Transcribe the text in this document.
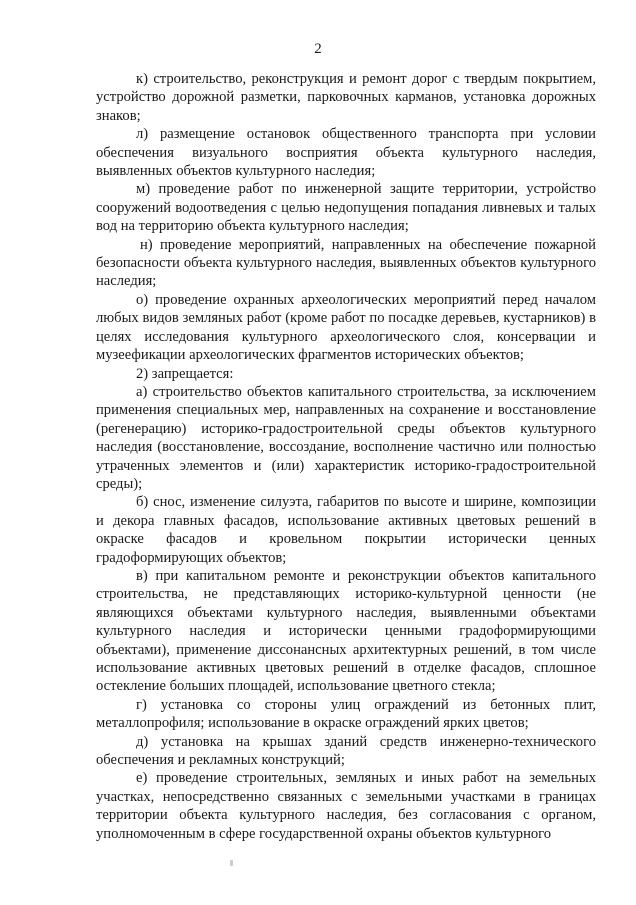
2

к) строительство, реконструкция и ремонт дорог с твердым покрытием, устройство дорожной разметки, парковочных карманов, установка дорожных знаков;

л) размещение остановок общественного транспорта при условии обеспечения визуального восприятия объекта культурного наследия, выявленных объектов культурного наследия;

м) проведение работ по инженерной защите территории, устройство сооружений водоотведения с целью недопущения попадания ливневых и талых вод на территорию объекта культурного наследия;

н) проведение мероприятий, направленных на обеспечение пожарной безопасности объекта культурного наследия, выявленных объектов культурного наследия;

о) проведение охранных археологических мероприятий перед началом любых видов земляных работ (кроме работ по посадке деревьев, кустарников) в целях исследования культурного археологического слоя, консервации и музеефикации археологических фрагментов исторических объектов;

2) запрещается:

а) строительство объектов капитального строительства, за исключением применения специальных мер, направленных на сохранение и восстановление (регенерацию) историко-градостроительной среды объектов культурного наследия (восстановление, воссоздание, восполнение частично или полностью утраченных элементов и (или) характеристик историко-градостроительной среды);

б) снос, изменение силуэта, габаритов по высоте и ширине, композиции и декора главных фасадов, использование активных цветовых решений в окраске фасадов и кровельном покрытии исторически ценных градоформирующих объектов;

в) при капитальном ремонте и реконструкции объектов капитального строительства, не представляющих историко-культурной ценности (не являющихся объектами культурного наследия, выявленными объектами культурного наследия и исторически ценными градоформирующими объектами), применение диссонансных архитектурных решений, в том числе использование активных цветовых решений в отделке фасадов, сплошное остекление больших площадей, использование цветного стекла;

г) установка со стороны улиц ограждений из бетонных плит, металлопрофиля; использование в окраске ограждений ярких цветов;

д) установка на крышах зданий средств инженерно-технического обеспечения и рекламных конструкций;

е) проведение строительных, земляных и иных работ на земельных участках, непосредственно связанных с земельными участками в границах территории объекта культурного наследия, без согласования с органом, уполномоченным в сфере государственной охраны объектов культурного
